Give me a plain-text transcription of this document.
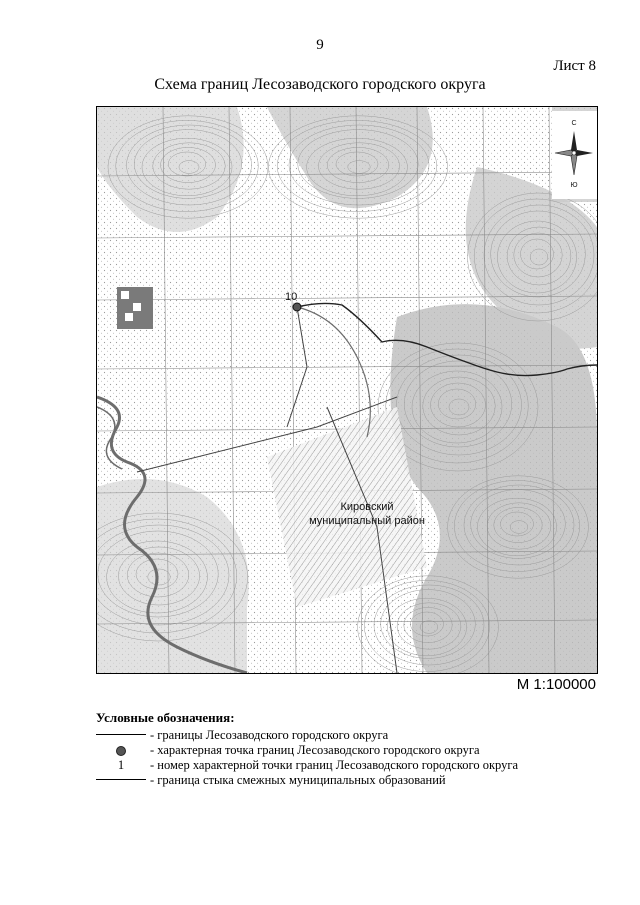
9
Лист 8
Схема границ Лесозаводского городского округа
10
Кировский
муниципальный район
С
Ю
М 1:100000
Условные обозначения:
- границы Лесозаводского городского округа
- характерная точка границ Лесозаводского городского округа
1	- номер характерной точки границ Лесозаводского городского округа
- граница стыка смежных муниципальных образований
